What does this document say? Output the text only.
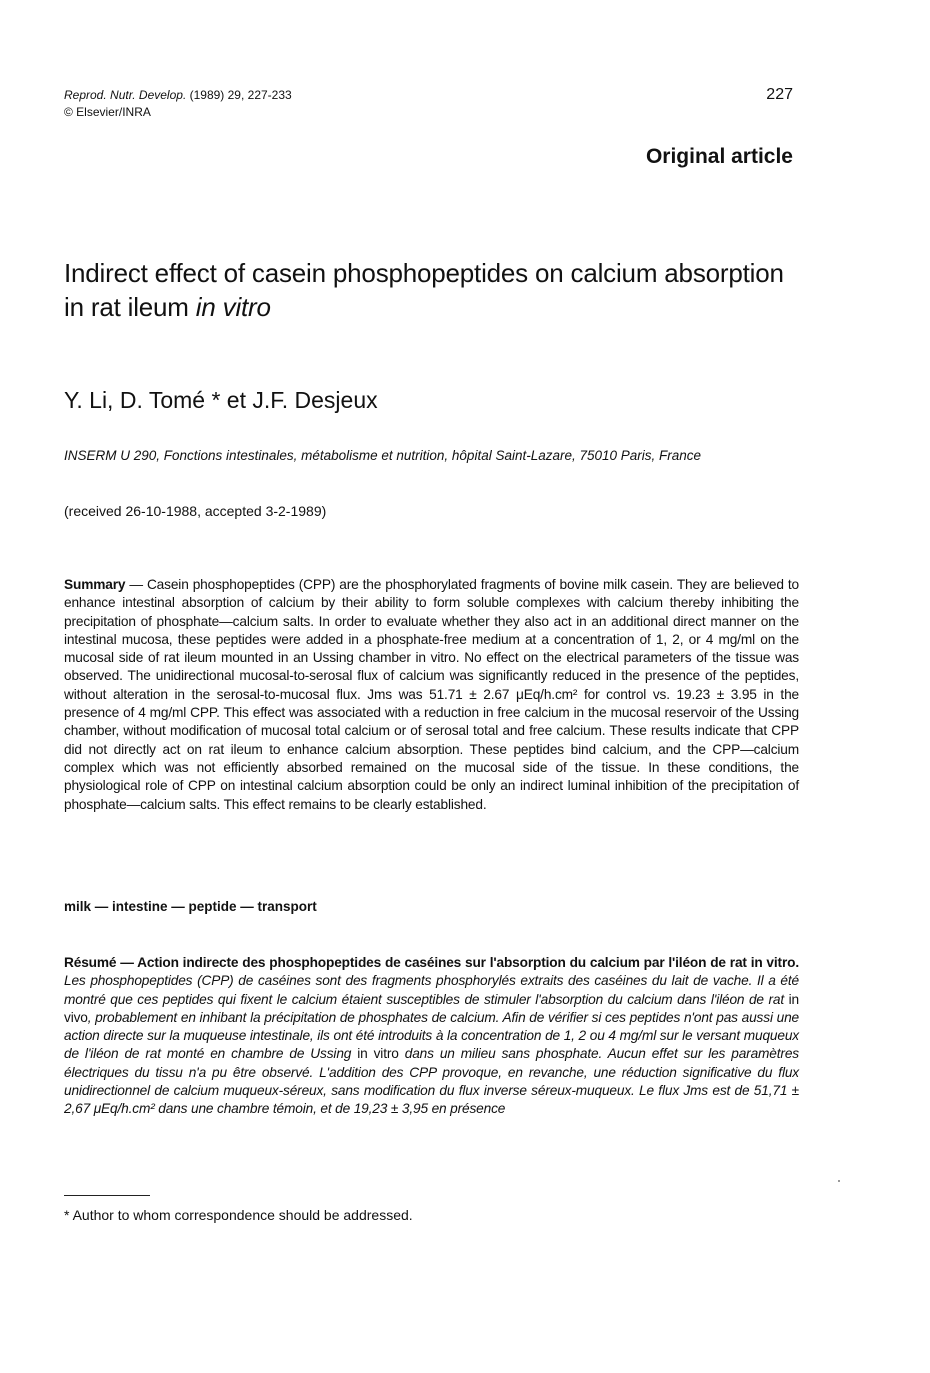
Reprod. Nutr. Develop. (1989) 29, 227-233
© Elsevier/INRA
227
Original article
Indirect effect of casein phosphopeptides on calcium absorption in rat ileum in vitro
Y. Li, D. Tomé * et J.F. Desjeux
INSERM U 290, Fonctions intestinales, métabolisme et nutrition, hôpital Saint-Lazare, 75010 Paris, France
(received 26-10-1988, accepted 3-2-1989)
Summary — Casein phosphopeptides (CPP) are the phosphorylated fragments of bovine milk casein. They are believed to enhance intestinal absorption of calcium by their ability to form soluble complexes with calcium thereby inhibiting the precipitation of phosphate—calcium salts. In order to evaluate whether they also act in an additional direct manner on the intestinal mucosa, these peptides were added in a phosphate-free medium at a concentration of 1, 2, or 4 mg/ml on the mucosal side of rat ileum mounted in an Ussing chamber in vitro. No effect on the electrical parameters of the tissue was observed. The unidirectional mucosal-to-serosal flux of calcium was significantly reduced in the presence of the peptides, without alteration in the serosal-to-mucosal flux. Jms was 51.71 ± 2.67 μEq/h.cm² for control vs. 19.23 ± 3.95 in the presence of 4 mg/ml CPP. This effect was associated with a reduction in free calcium in the mucosal reservoir of the Ussing chamber, without modification of mucosal total calcium or of serosal total and free calcium. These results indicate that CPP did not directly act on rat ileum to enhance calcium absorption. These peptides bind calcium, and the CPP—calcium complex which was not efficiently absorbed remained on the mucosal side of the tissue. In these conditions, the physiological role of CPP on intestinal calcium absorption could be only an indirect luminal inhibition of the precipitation of phosphate—calcium salts. This effect remains to be clearly established.
milk — intestine — peptide — transport
Résumé — Action indirecte des phosphopeptides de caséines sur l'absorption du calcium par l'iléon de rat in vitro. Les phosphopeptides (CPP) de caséines sont des fragments phosphorylés extraits des caséines du lait de vache. Il a été montré que ces peptides qui fixent le calcium étaient susceptibles de stimuler l'absorption du calcium dans l'iléon de rat in vivo, probablement en inhibant la précipitation de phosphates de calcium. Afin de vérifier si ces peptides n'ont pas aussi une action directe sur la muqueuse intestinale, ils ont été introduits à la concentration de 1, 2 ou 4 mg/ml sur le versant muqueux de l'iléon de rat monté en chambre de Ussing in vitro dans un milieu sans phosphate. Aucun effet sur les paramètres électriques du tissu n'a pu être observé. L'addition des CPP provoque, en revanche, une réduction significative du flux unidirectionnel de calcium muqueux-séreux, sans modification du flux inverse séreux-muqueux. Le flux Jms est de 51,71 ± 2,67 μEq/h.cm² dans une chambre témoin, et de 19,23 ± 3,95 en présence
* Author to whom correspondence should be addressed.
